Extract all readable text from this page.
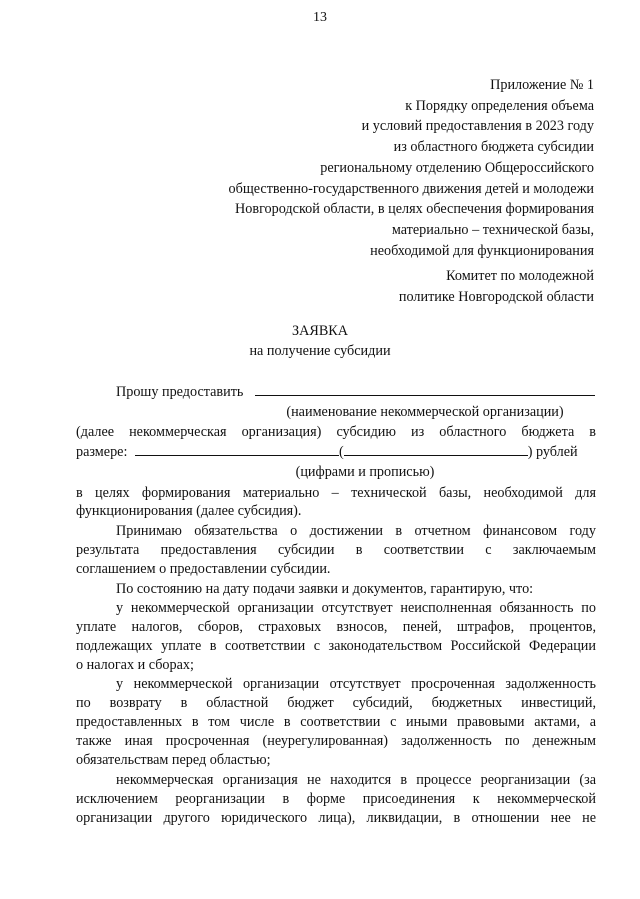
13
Приложение № 1
к Порядку определения объема
и условий предоставления в 2023 году
из областного бюджета субсидии
региональному отделению Общероссийского
общественно-государственного движения детей и молодежи
Новгородской области, в целях обеспечения формирования
материально – технической базы,
необходимой для функционирования
Комитет по молодежной
политике Новгородской области
ЗАЯВКА
на получение субсидии
Прошу предоставить
(наименование некоммерческой организации)
(далее некоммерческая организация) субсидию из областного бюджета в
размере:	(	) рублей
(цифрами и прописью)
в целях формирования материально – технической базы, необходимой для
функционирования (далее субсидия).
Принимаю обязательства о достижении в отчетном финансовом году
результата предоставления субсидии в соответствии с заключаемым
соглашением о предоставлении субсидии.
По состоянию на дату подачи заявки и документов, гарантирую, что:
у некоммерческой организации отсутствует неисполненная обязанность по
уплате налогов, сборов, страховых взносов, пеней, штрафов, процентов,
подлежащих уплате в соответствии с законодательством Российской Федерации
о налогах и сборах;
у некоммерческой организации отсутствует просроченная задолженность
по возврату в областной бюджет субсидий, бюджетных инвестиций,
предоставленных в том числе в соответствии с иными правовыми актами, а
также иная просроченная (неурегулированная) задолженность по денежным
обязательствам перед областью;
некоммерческая организация не находится в процессе реорганизации (за
исключением реорганизации в форме присоединения к некоммерческой
организации другого юридического лица), ликвидации, в отношении нее не
